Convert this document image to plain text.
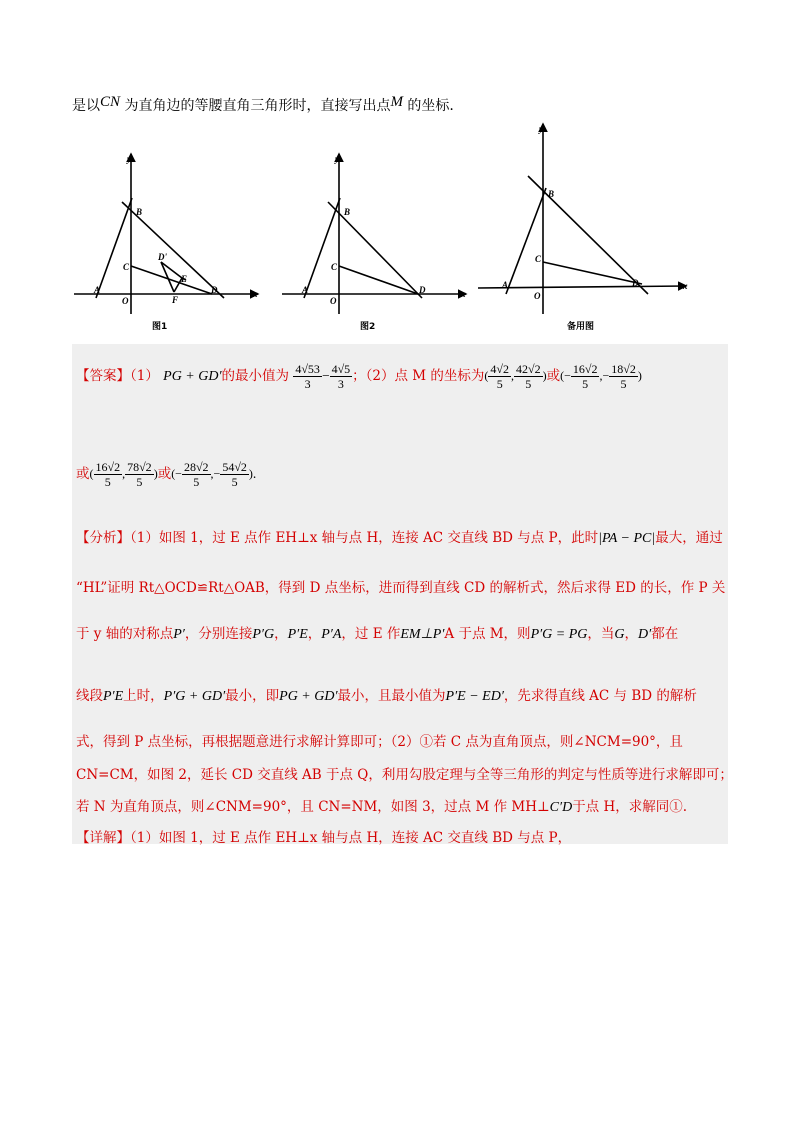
是以CN 为直角边的等腰直角三角形时，直接写出点M 的坐标.
x
y
B
C
D'
E
F
D
A
O
图1
x
y
B
C
D
A
O
图2
x
y
B
C
D
A
O
备用图
【答案】（1） PG + GD′的最小值为 $\frac{4√53}{3} - \frac{4√5}{3}$ ；（2）点 M 的坐标为( $\frac{4√2}{5}$ , $\frac{42√2}{5}$ )或(− $\frac{16√2}{5}$ ,− $\frac{18√2}{5}$ )
或( $\frac{16√2}{5}$ , $\frac{78√2}{5}$ )或(− $\frac{28√2}{5}$ ,− $\frac{54√2}{5}$ ).
【分析】（1）如图 1，过 E 点作 EH⊥x 轴与点 H，连接 AC 交直线 BD 与点 P，此时|PA − PC|最大，通过
“HL”证明 Rt△OCD≌Rt△OAB，得到 D 点坐标，进而得到直线 CD 的解析式，然后求得 ED 的长，作 P 关
于 y 轴的对称点P′，分别连接P′G，P′E，P′A，过 E 作EM⊥P′A 于点 M，则P′G = PG，当G，D′都在
线段P′E上时，P′G + GD′最小，即PG + GD′最小，且最小值为P′E − ED′，先求得直线 AC 与 BD 的解析
式，得到 P 点坐标，再根据题意进行求解计算即可；（2）①若 C 点为直角顶点，则∠NCM=90°，且
CN=CM，如图 2，延长 CD 交直线 AB 于点 Q，利用勾股定理与全等三角形的判定与性质等进行求解即可；
若 N 为直角顶点，则∠CNM=90°，且 CN=NM，如图 3，过点 M 作 MH⊥C′D于点 H，求解同①.
【详解】（1）如图 1，过 E 点作 EH⊥x 轴与点 H，连接 AC 交直线 BD 与点 P，
